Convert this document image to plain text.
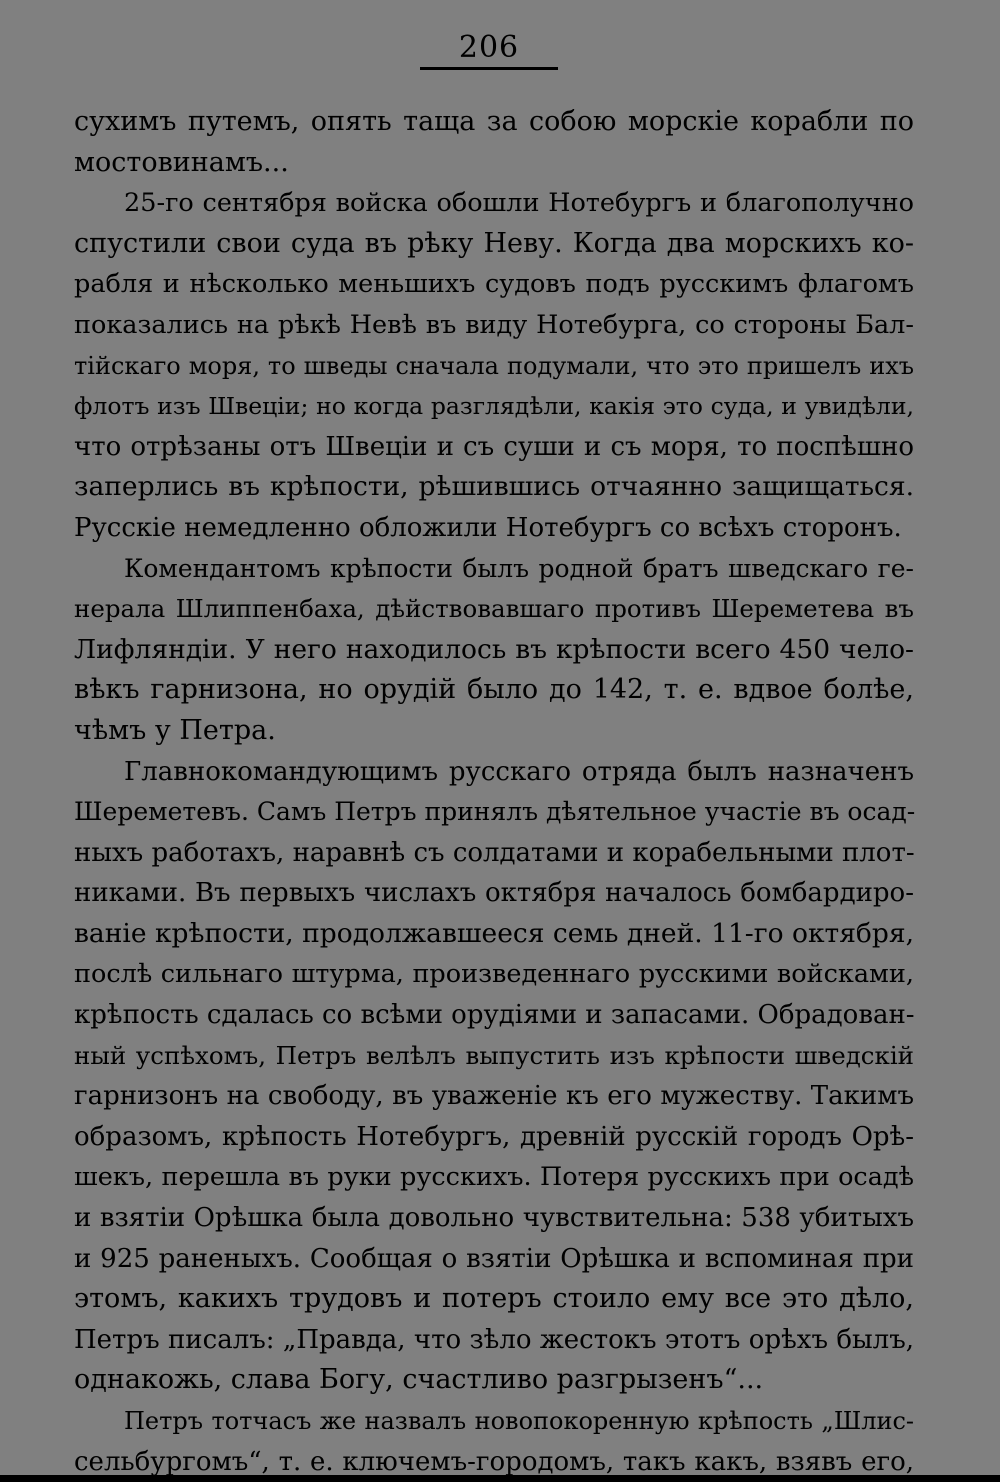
206
сухимъ путемъ, опять таща за собою морскіе корабли по
мостовинамъ...
25-го сентября войска обошли Нотебургъ и благополучно
спустили свои суда въ рѣку Неву. Когда два морскихъ ко-
рабля и нѣсколько меньшихъ судовъ подъ русскимъ флагомъ
показались на рѣкѣ Невѣ въ виду Нотебурга, со стороны Бал-
тійскаго моря, то шведы сначала подумали, что это пришелъ ихъ
флотъ изъ Швеціи; но когда разглядѣли, какія это суда, и увидѣли,
что отрѣзаны отъ Швеціи и съ суши и съ моря, то поспѣшно
заперлись въ крѣпости, рѣшившись отчаянно защищаться.
Русскіе немедленно обложили Нотебургъ со всѣхъ сторонъ.
Комендантомъ крѣпости былъ родной братъ шведскаго ге-
нерала Шлиппенбаха, дѣйствовавшаго противъ Шереметева въ
Лифляндіи. У него находилось въ крѣпости всего 450 чело-
вѣкъ гарнизона, но орудій было до 142, т. е. вдвое болѣе,
чѣмъ у Петра.
Главнокомандующимъ русскаго отряда былъ назначенъ
Шереметевъ. Самъ Петръ принялъ дѣятельное участіе въ осад-
ныхъ работахъ, наравнѣ съ солдатами и корабельными плот-
никами. Въ первыхъ числахъ октября началось бомбардиро-
ваніе крѣпости, продолжавшееся семь дней. 11-го октября,
послѣ сильнаго штурма, произведеннаго русскими войсками,
крѣпость сдалась со всѣми орудіями и запасами. Обрадован-
ный успѣхомъ, Петръ велѣлъ выпустить изъ крѣпости шведскій
гарнизонъ на свободу, въ уваженіе къ его мужеству. Такимъ
образомъ, крѣпость Нотебургъ, древній русскій городъ Орѣ-
шекъ, перешла въ руки русскихъ. Потеря русскихъ при осадѣ
и взятіи Орѣшка была довольно чувствительна: 538 убитыхъ
и 925 раненыхъ. Сообщая о взятіи Орѣшка и вспоминая при
этомъ, какихъ трудовъ и потеръ стоило ему все это дѣло,
Петръ писалъ: „Правда, что зѣло жестокъ этотъ орѣхъ былъ,
однакожь, слава Богу, счастливо разгрызенъ“...
Петръ тотчасъ же назвалъ новопокоренную крѣпость „Шлис-
сельбургомъ“, т. е. ключемъ-городомъ, такъ какъ, взявъ его,
